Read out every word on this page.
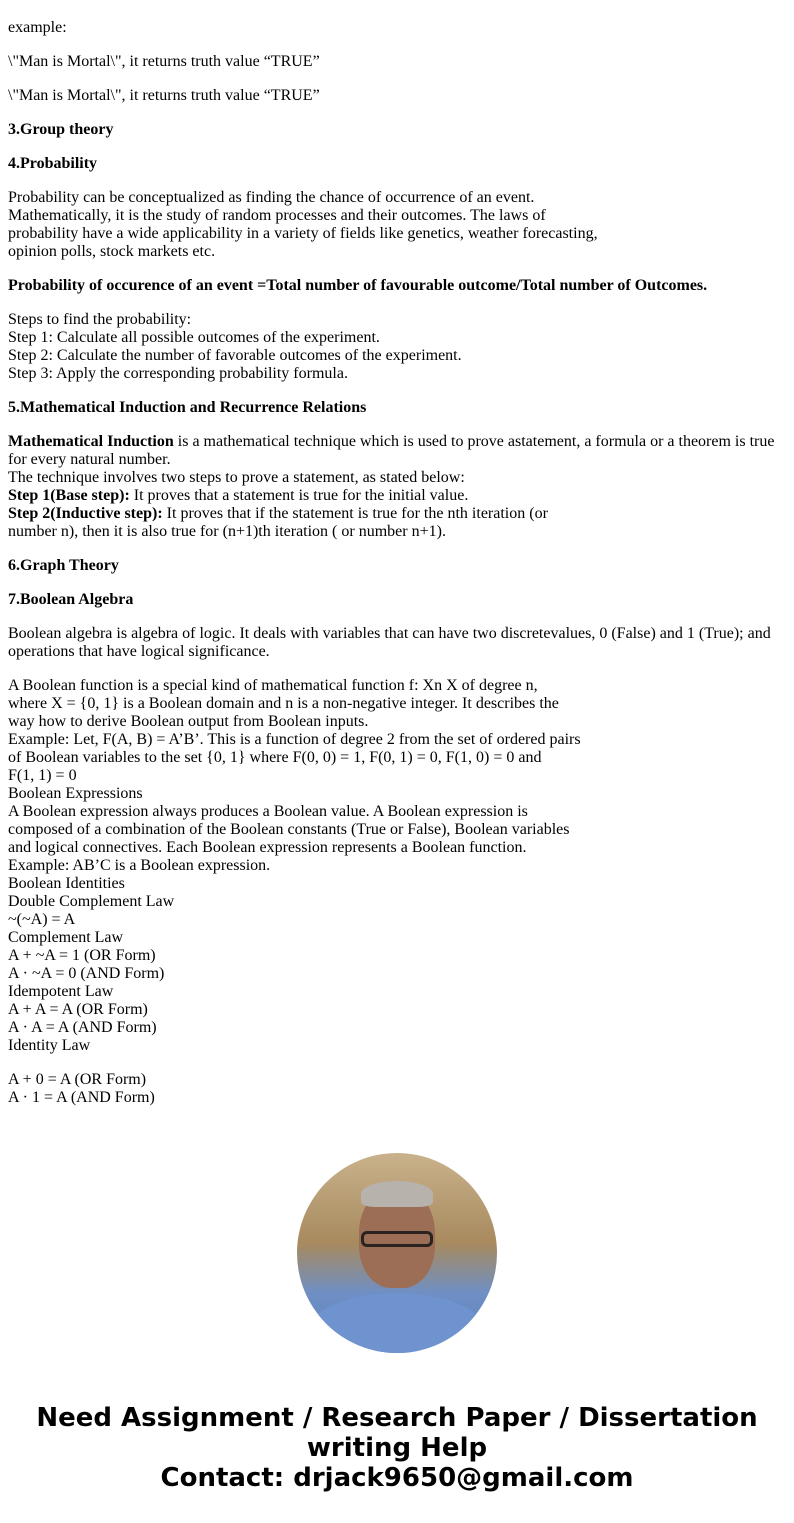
example:

\"Man is Mortal\", it returns truth value “TRUE”

\"Man is Mortal\", it returns truth value “TRUE”

3.Group theory

4.Probability

Probability can be conceptualized as finding the chance of occurrence of an event.
Mathematically, it is the study of random processes and their outcomes. The laws of
probability have a wide applicability in a variety of fields like genetics, weather forecasting,
opinion polls, stock markets etc.

Probability of occurence of an event =Total number of favourable outcome/Total number of Outcomes.

Steps to find the probability:
Step 1: Calculate all possible outcomes of the experiment.
Step 2: Calculate the number of favorable outcomes of the experiment.
Step 3: Apply the corresponding probability formula.

5.Mathematical Induction and Recurrence Relations

Mathematical Induction is a mathematical technique which is used to prove astatement, a formula or a theorem is true
for every natural number.
The technique involves two steps to prove a statement, as stated below:
Step 1(Base step): It proves that a statement is true for the initial value.
Step 2(Inductive step): It proves that if the statement is true for the nth iteration (or
number n), then it is also true for (n+1)th iteration ( or number n+1).

6.Graph Theory

7.Boolean Algebra

Boolean algebra is algebra of logic. It deals with variables that can have two discretevalues, 0 (False) and 1 (True); and
operations that have logical significance.

A Boolean function is a special kind of mathematical function f: Xn X of degree n,
where X = {0, 1} is a Boolean domain and n is a non-negative integer. It describes the
way how to derive Boolean output from Boolean inputs.
Example: Let, F(A, B) = A’B’. This is a function of degree 2 from the set of ordered pairs
of Boolean variables to the set {0, 1} where F(0, 0) = 1, F(0, 1) = 0, F(1, 0) = 0 and
F(1, 1) = 0
Boolean Expressions
A Boolean expression always produces a Boolean value. A Boolean expression is
composed of a combination of the Boolean constants (True or False), Boolean variables
and logical connectives. Each Boolean expression represents a Boolean function.
Example: AB’C is a Boolean expression.
Boolean Identities
Double Complement Law
~(~A) = A
Complement Law
A + ~A = 1 (OR Form)
A · ~A = 0 (AND Form)
Idempotent Law
A + A = A (OR Form)
A · A = A (AND Form)
Identity Law

A + 0 = A (OR Form)
A · 1 = A (AND Form)

Need Assignment / Research Paper / Dissertation
writing Help
Contact: drjack9650@gmail.com
